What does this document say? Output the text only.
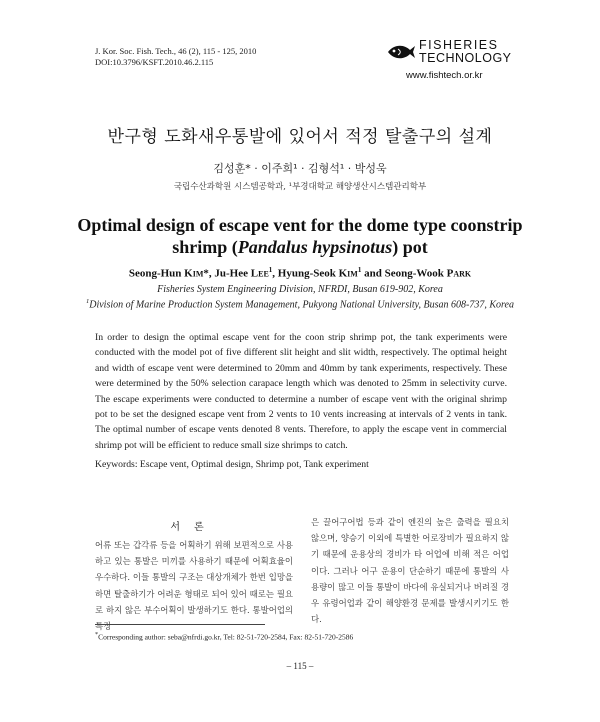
J. Kor. Soc. Fish. Tech., 46 (2), 115 - 125, 2010
DOI:10.3796/KSFT.2010.46.2.115
FISHERIES
TECHNOLOGY
www.fishtech.or.kr
반구형 도화새우통발에 있어서 적정 탈출구의 설계
김성훈* · 이주희¹ · 김형석¹ · 박성욱
국립수산과학원 시스템공학과, ¹부경대학교 해양생산시스템관리학부
Optimal design of escape vent for the dome type coonstrip shrimp (Pandalus hypsinotus) pot
Seong-Hun Kim*, Ju-Hee Lee$^1$, Hyung-Seok Kim$^1$ and Seong-Wook Park
Fisheries System Engineering Division, NFRDI, Busan 619-902, Korea
$^1$Division of Marine Production System Management, Pukyong National University, Busan 608-737, Korea
In order to design the optimal escape vent for the coon strip shrimp pot, the tank experiments were conducted with the model pot of five different slit height and slit width, respectively. The optimal height and width of escape vent were determined to 20mm and 40mm by tank experiments, respectively. These were determined by the 50% selection carapace length which was denoted to 25mm in selectivity curve. The escape experiments were conducted to determine a number of escape vent with the original shrimp pot to be set the designed escape vent from 2 vents to 10 vents increasing at intervals of 2 vents in tank. The optimal number of escape vents denoted 8 vents. Therefore, to apply the escape vent in commercial shrimp pot will be efficient to reduce small size shrimps to catch.
Keywords: Escape vent, Optimal design, Shrimp pot, Tank experiment
서론
어류 또는 갑각류 등을 어획하기 위해 보편적으로 사용하고 있는 통발은 미끼를 사용하기 때문에 어획효율이 우수하다. 이들 통발의 구조는 대상개체가 한번 입망을 하면 탈출하기가 어려운 형태로 되어 있어 때로는 필요로 하지 않은 부수어획이 발생하기도 한다. 통발어업의 특징
은 끌어구어법 등과 같이 엔진의 높은 출력을 필요치 않으며, 양승기 이외에 특별한 어로장비가 필요하지 않기 때문에 운용상의 경비가 타 어업에 비해 적은 어업이다. 그러나 어구 운용이 단순하기 때문에 통발의 사용량이 많고 이들 통발이 바다에 유실되거나 버려질 경우 유령어업과 같이 해양환경 문제를 발생시키기도 한다.
*Corresponding author: seba@nfrdi.go.kr, Tel: 82-51-720-2584, Fax: 82-51-720-2586
– 115 –
